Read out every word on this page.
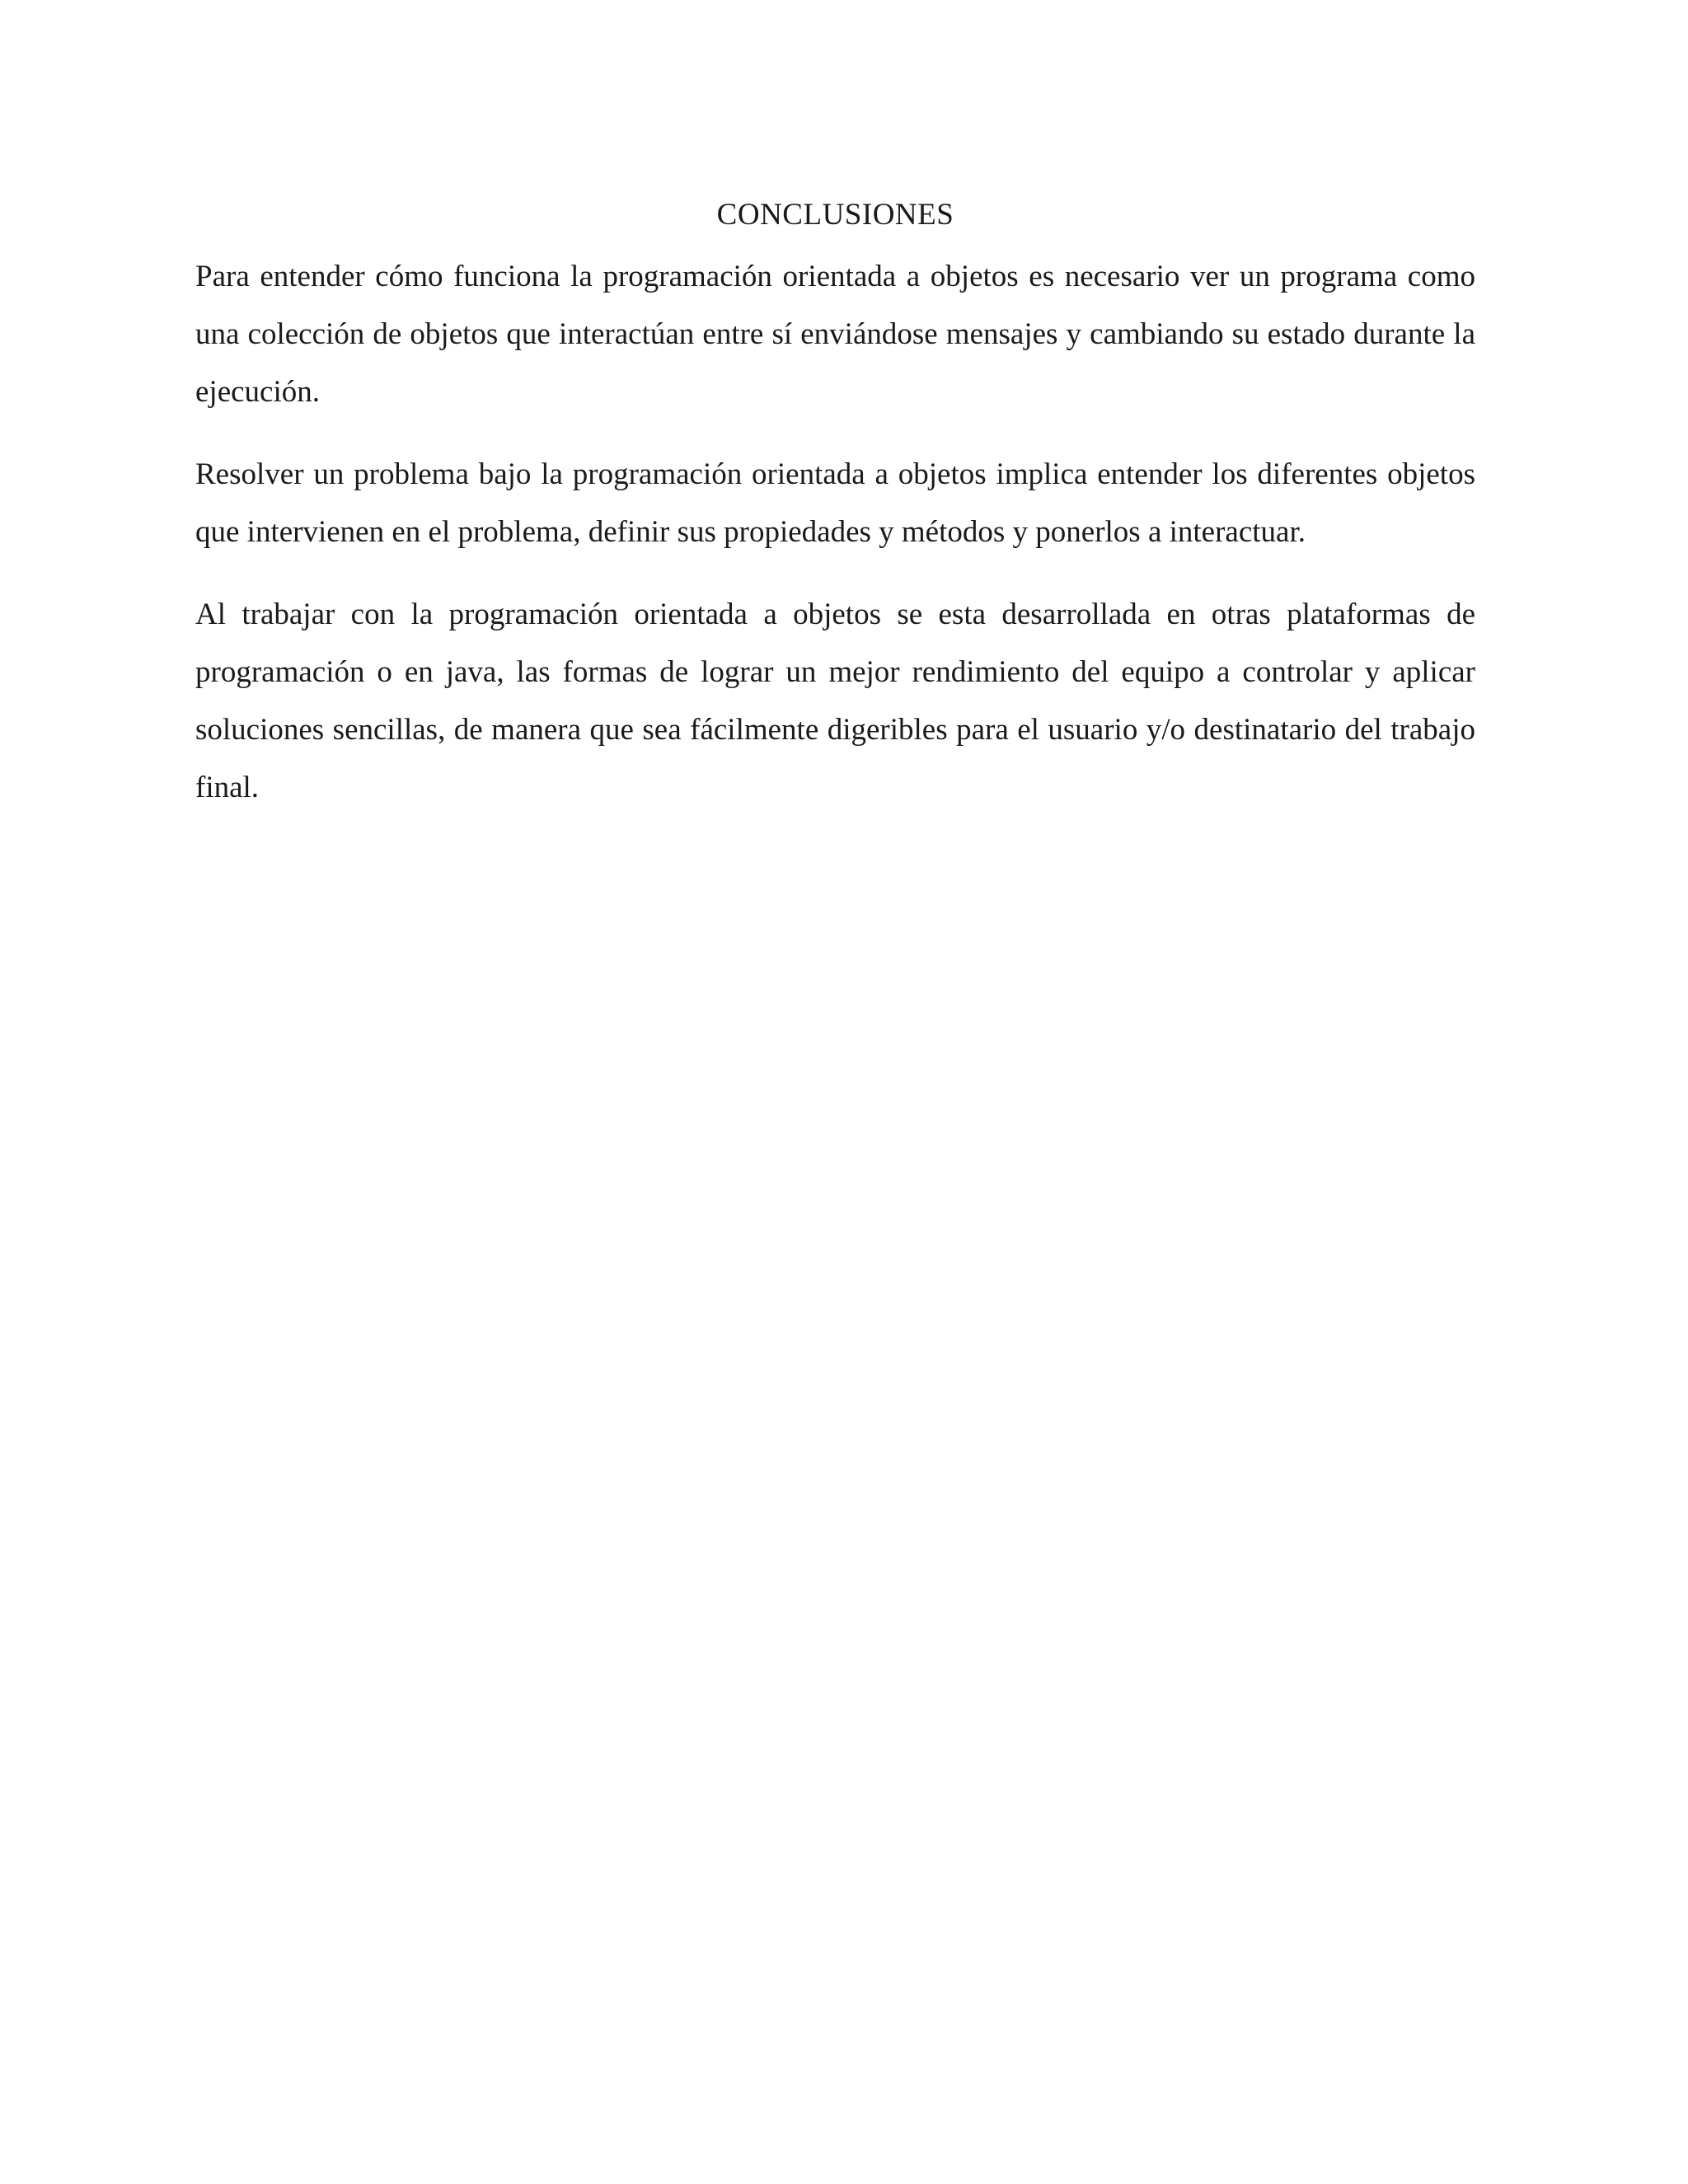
CONCLUSIONES

Para entender cómo funciona la programación orientada a objetos es necesario ver un programa como una colección de objetos que interactúan entre sí enviándose mensajes y cambiando su estado durante la ejecución.

Resolver un problema bajo la programación orientada a objetos implica entender los diferentes objetos que intervienen en el problema, definir sus propiedades y métodos y ponerlos a interactuar.

Al trabajar con la programación orientada a objetos se esta desarrollada en otras plataformas de programación o en java, las formas de lograr un mejor rendimiento del equipo a controlar y aplicar soluciones sencillas, de manera que sea fácilmente digeribles para el usuario y/o destinatario del trabajo final.
